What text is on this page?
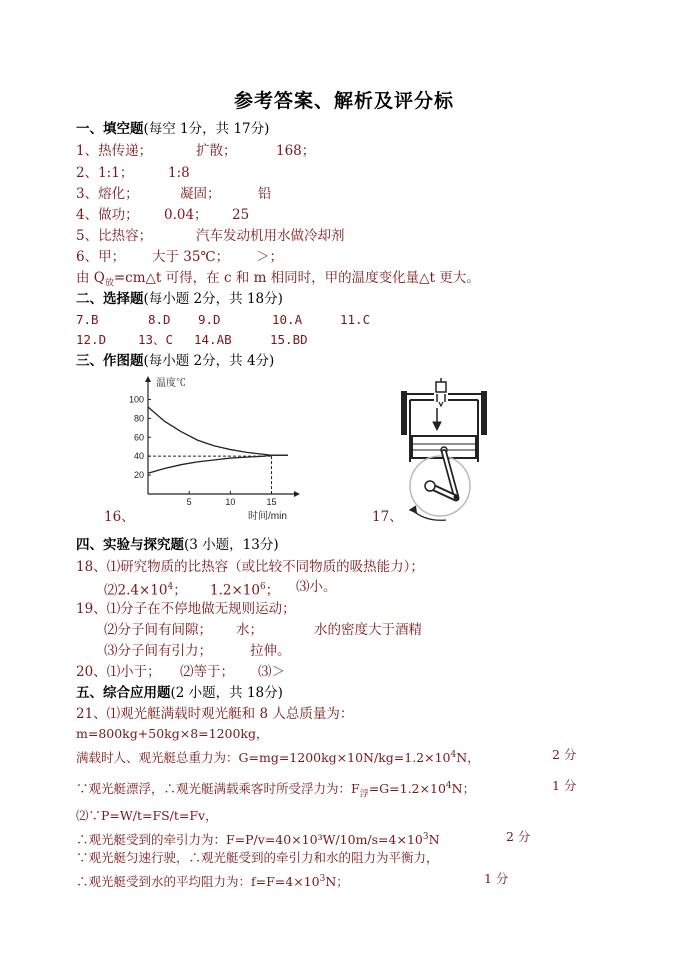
参考答案、解析及评分标
一、填空题(每空 1分，共 17分)
1、热传递；	扩散；	168；
2、1:1；	1:8
3、熔化；	凝固；	铅
4、做功； 0.04； 25
5、比热容；	汽车发动机用水做冷却剂
6、甲； 大于 35℃； ＞；
由 $Q_放=cm\triangle t$ 可得，在 c 和 m 相同时，甲的温度变化量△t 更大。
二、选择题(每小题 2分，共 18分)
7.B	8.D 9.D	10.A	11.C
12.D	13、C 14.AB	15.BD
三、作图题(每小题 2分，共 4分)
20
40
60
80
100
5	10	15
温度℃
时间/min
16、	17、
四、实验与探究题(3 小题，13分)
18、⑴研究物质的比热容（或比较不同物质的吸热能力）；
$⑵2.4\times 10^4$； $1.2\times 10^6$； ⑶小。
19、⑴分子在不停地做无规则运动；
⑵分子间有间隙； 水；	水的密度大于酒精
⑶分子间有引力；	拉伸。
20、⑴小于； ⑵等于； ⑶＞
五、综合应用题(2 小题，共 18分)
21、⑴观光艇满载时观光艇和 8 人总质量为：
m=800kg+50kg×8=1200kg，
满载时人、观光艇总重力为：$G=mg=1200kg\times 10N/kg=1.2\times 10^4N$，	2 分
∵观光艇漂浮，∴观光艇满载乘客时所受浮力为：$F_浮=G=1.2\times 10^4N$；	1 分
⑵∵P=W/t=FS/t=Fv，
∴观光艇受到的牵引力为：$F=P/v=40\times 10^3W/10m/s=4\times 10^3N$	2 分
∵观光艇匀速行驶，∴观光艇受到的牵引力和水的阻力为平衡力，
∴观光艇受到水的平均阻力为：$f=F=4\times 10^3N$；	1 分
